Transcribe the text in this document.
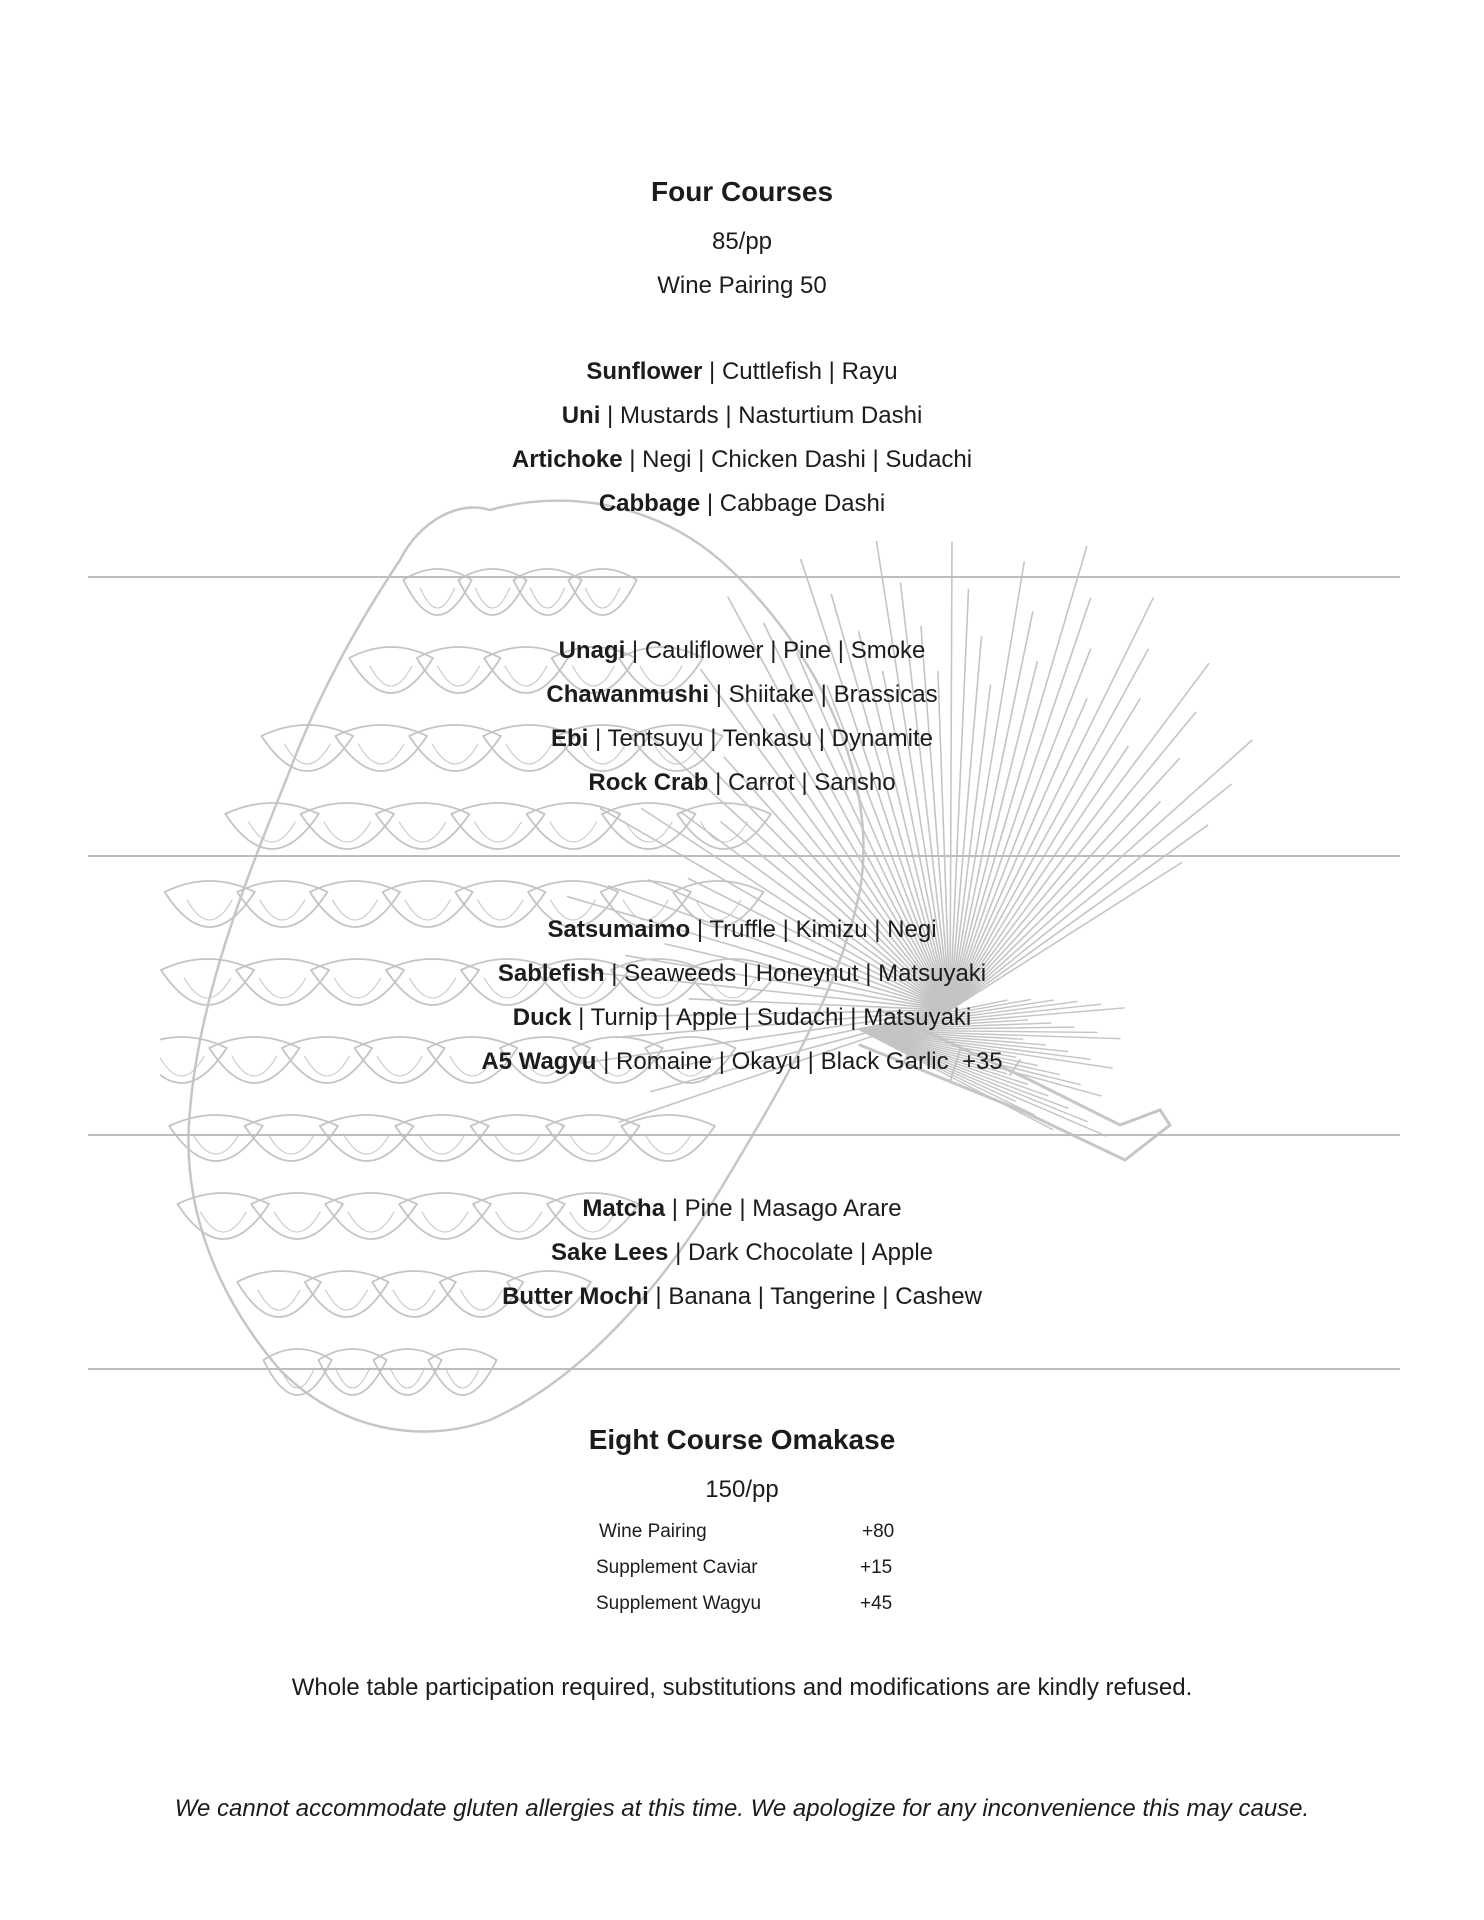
Four Courses
85/pp
Wine Pairing 50
Sunflower | Cuttlefish | Rayu
Uni | Mustards | Nasturtium Dashi
Artichoke | Negi | Chicken Dashi | Sudachi
Cabbage | Cabbage Dashi
Unagi | Cauliflower | Pine | Smoke
Chawanmushi | Shiitake | Brassicas
Ebi | Tentsuyu | Tenkasu | Dynamite
Rock Crab | Carrot | Sansho
Satsumaimo | Truffle | Kimizu | Negi
Sablefish | Seaweeds | Honeynut | Matsuyaki
Duck | Turnip | Apple | Sudachi | Matsuyaki
A5 Wagyu | Romaine | Okayu | Black Garlic  +35
Matcha | Pine | Masago Arare
Sake Lees | Dark Chocolate | Apple
Butter Mochi | Banana | Tangerine | Cashew
Eight Course Omakase
150/pp
Wine Pairing	+80
Supplement Caviar	+15
Supplement Wagyu	+45
Whole table participation required, substitutions and modifications are kindly refused.
We cannot accommodate gluten allergies at this time. We apologize for any inconvenience this may cause.
